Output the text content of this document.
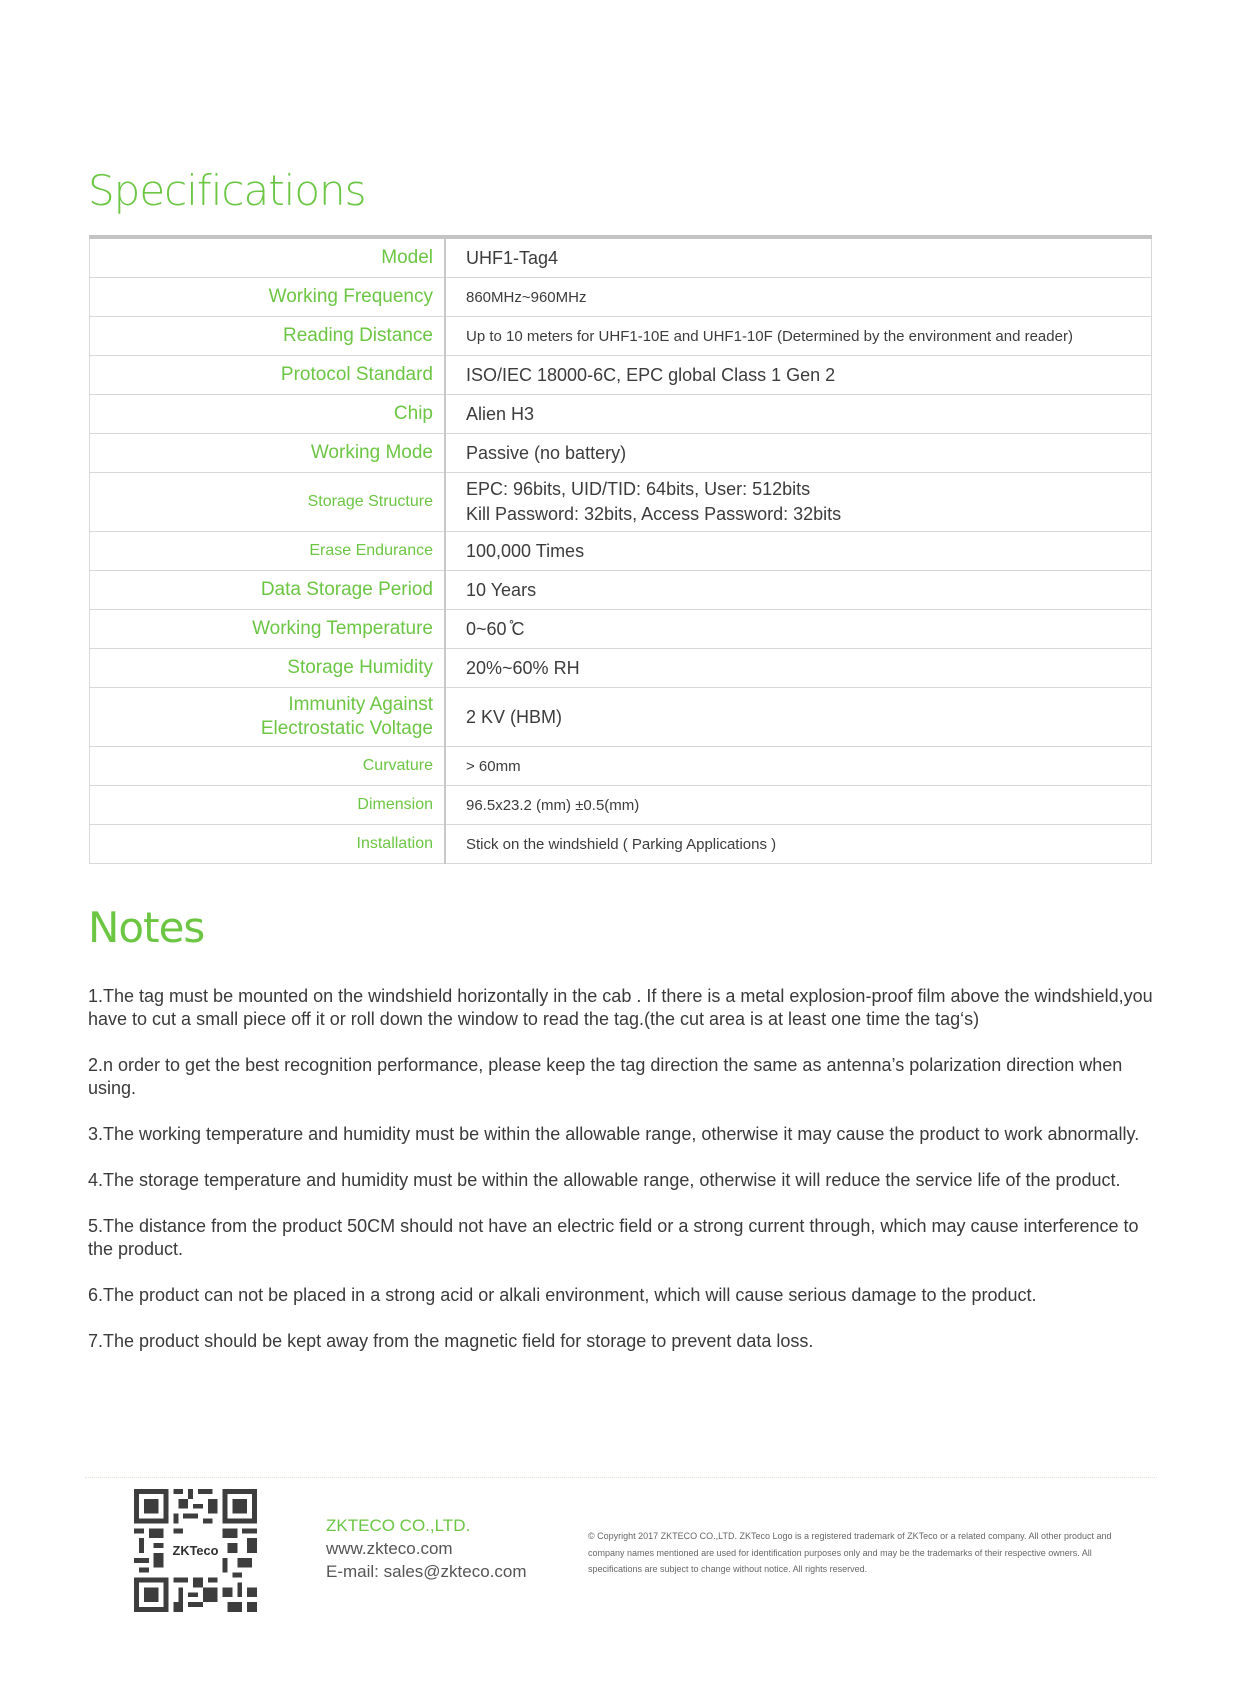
Specifications
Model	UHF1-Tag4
Working Frequency	860MHz~960MHz
Reading Distance	Up to 10 meters for UHF1-10E and UHF1-10F (Determined by the environment and reader)
Protocol Standard	ISO/IEC 18000-6C, EPC global Class 1 Gen 2
Chip	Alien H3
Working Mode	Passive (no battery)
Storage Structure	EPC: 96bits, UID/TID: 64bits, User: 512bits
Kill Password: 32bits, Access Password: 32bits

Erase Endurance	100,000 Times
Data Storage Period	10 Years
Working Temperature	0~60 ̊C
Storage Humidity	20%~60% RH

Immunity Against
Electrostatic Voltage	2 KV (HBM)
Curvature	> 60mm
Dimension	96.5x23.2 (mm) ±0.5(mm)
Installation	Stick on the windshield ( Parking Applications )
Notes

1.The tag must be mounted on the windshield horizontally in the cab . If there is a metal explosion-proof film above the windshield,you have to cut a small piece off it or roll down the window to read the tag.(the cut area is at least one time the tag‘s)

2.n order to get the best recognition performance, please keep the tag direction the same as antenna’s polarization direction when using.

3.The working temperature and humidity must be within the allowable range, otherwise it may cause the product to work abnormally.

4.The storage temperature and humidity must be within the allowable range, otherwise it will reduce the service life of the product.

5.The distance from the product 50CM should not have an electric field or a strong current through, which may cause interference to the product.

6.The product can not be placed in a strong acid or alkali environment, which will cause serious damage to the product.

7.The product should be kept away from the magnetic field for storage to prevent data loss.

ZKTeco
ZKTECO CO.,LTD.
www.zkteco.com
E-mail: sales@zkteco.com
© Copyright 2017 ZKTECO CO.,LTD. ZKTeco Logo is a registered trademark of ZKTeco or a related company. All other product and company names mentioned are used for identification purposes only and may be the trademarks of their respective owners. All specifications are subject to change without notice. All rights reserved.
